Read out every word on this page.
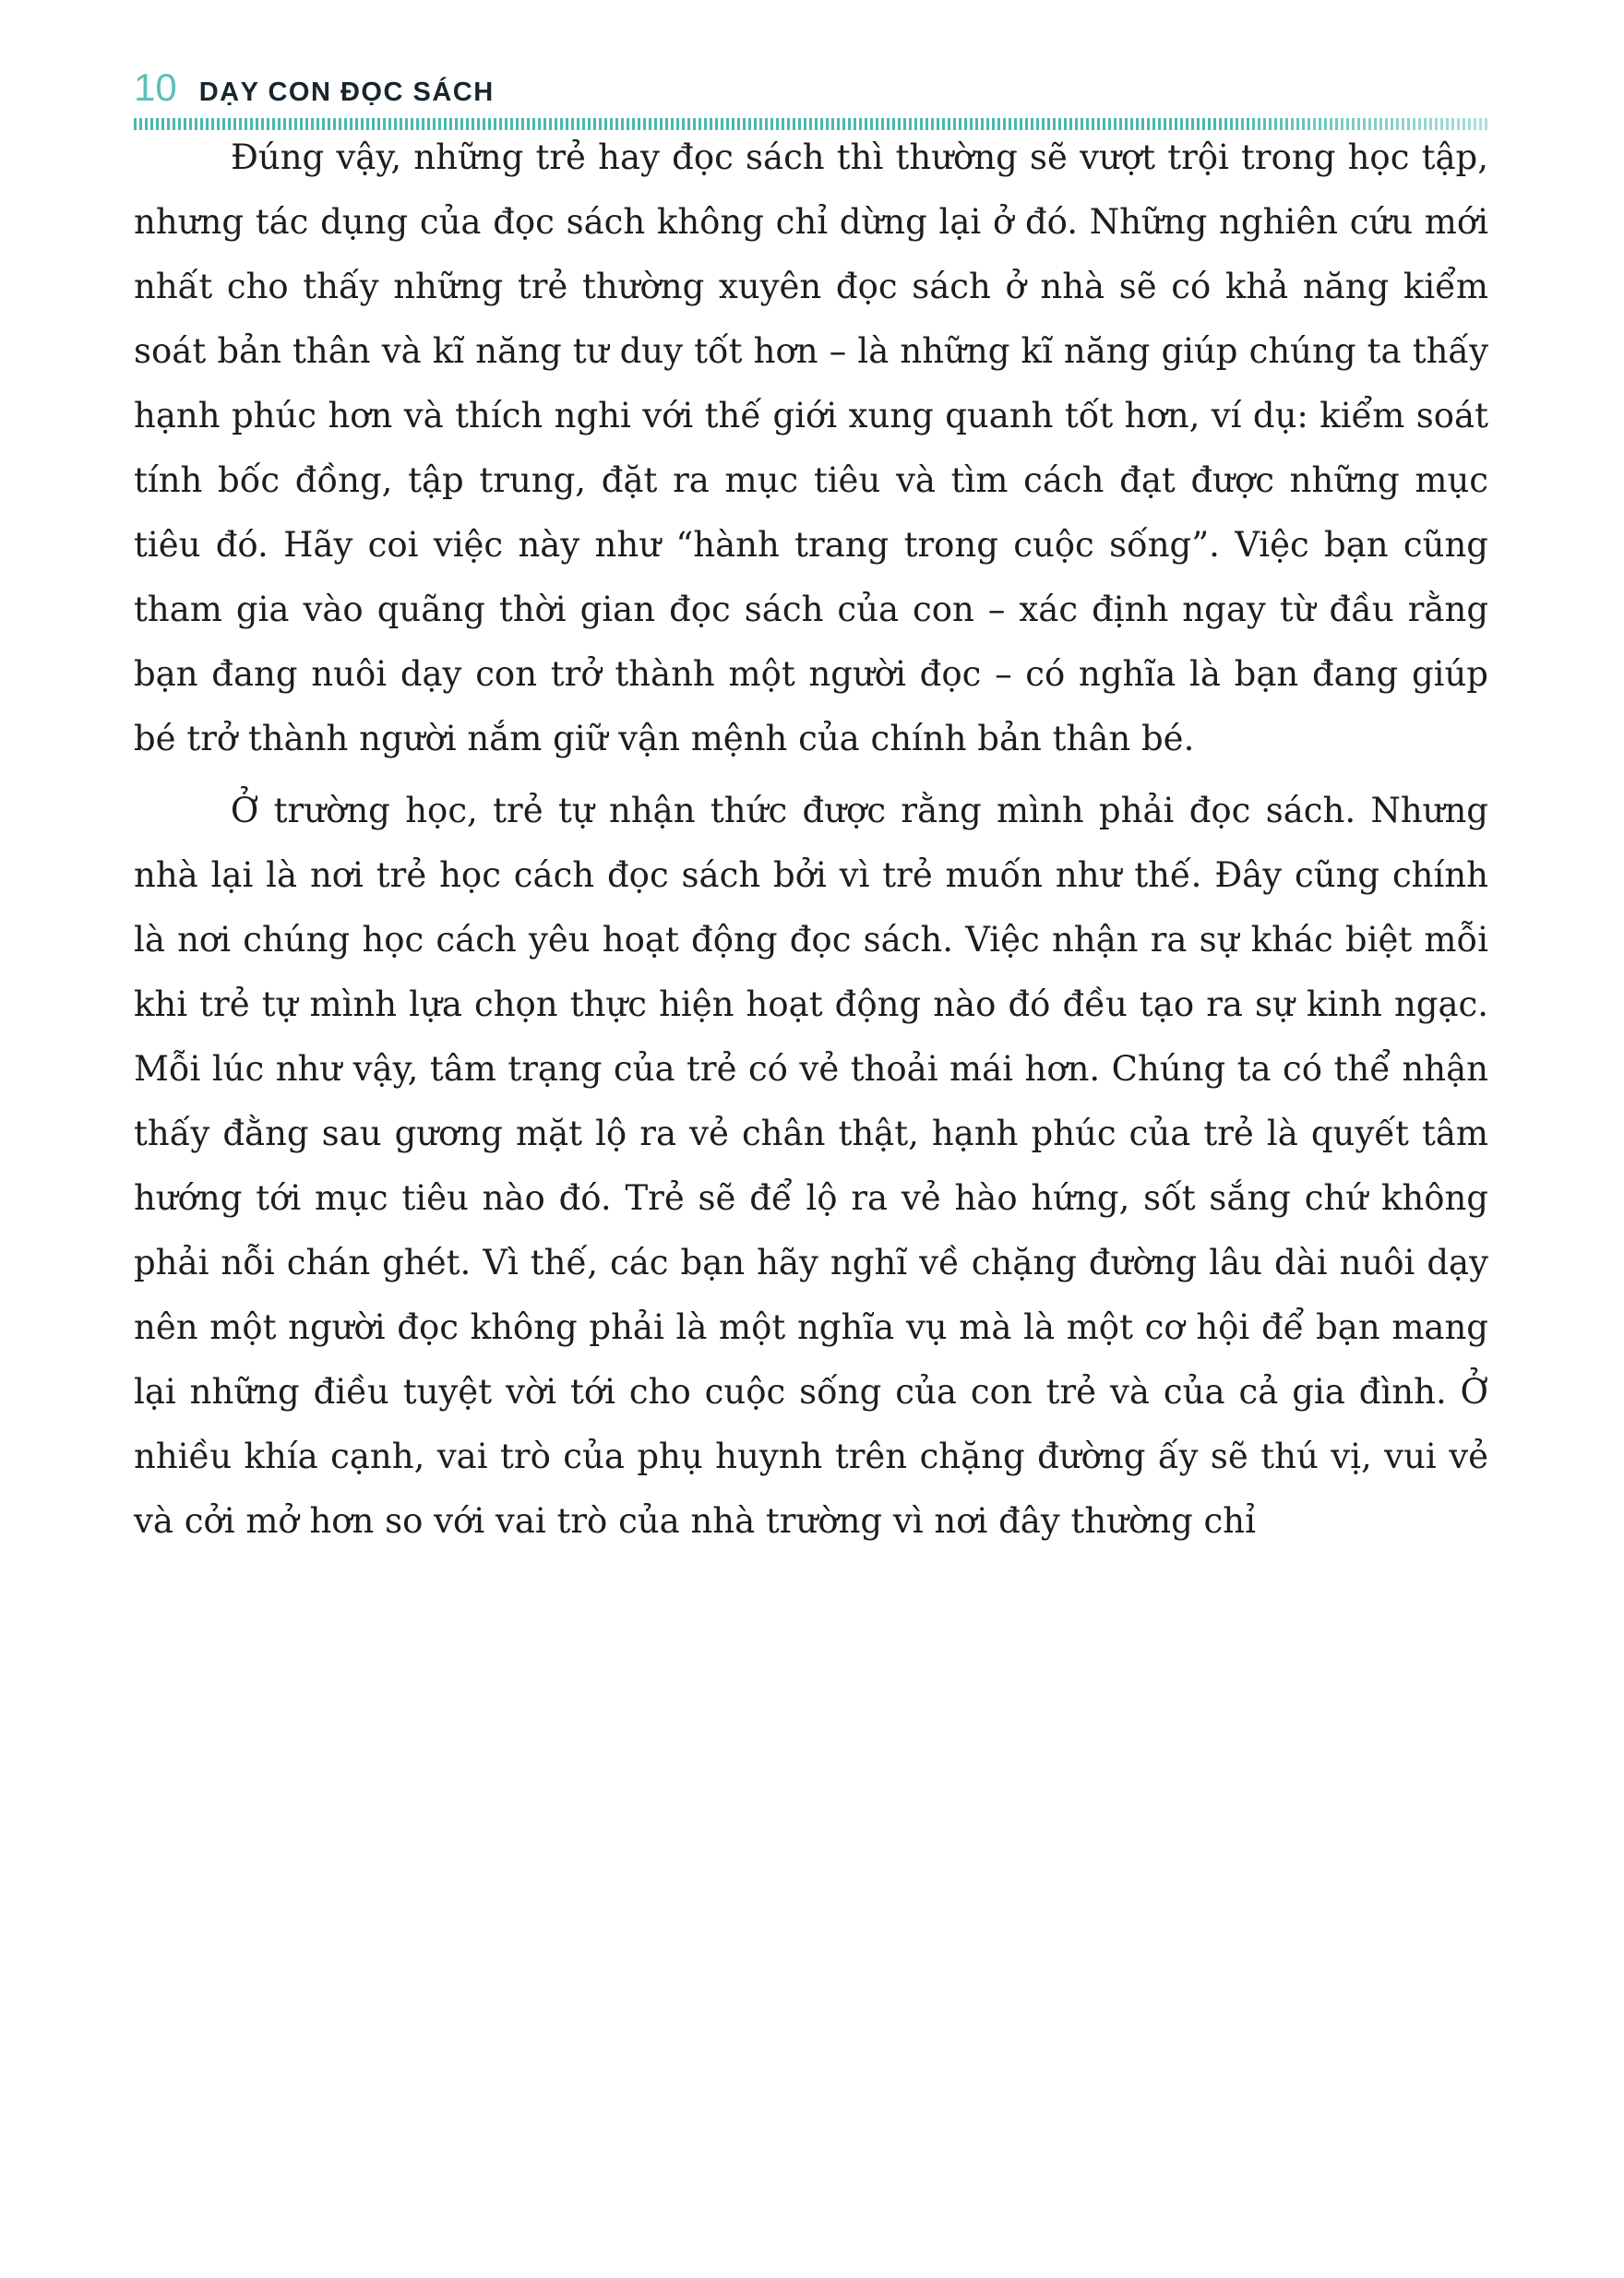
10 DẠY CON ĐỌC SÁCH

Đúng vậy, những trẻ hay đọc sách thì thường sẽ vượt trội trong học tập, nhưng tác dụng của đọc sách không chỉ dừng lại ở đó. Những nghiên cứu mới nhất cho thấy những trẻ thường xuyên đọc sách ở nhà sẽ có khả năng kiểm soát bản thân và kĩ năng tư duy tốt hơn – là những kĩ năng giúp chúng ta thấy hạnh phúc hơn và thích nghi với thế giới xung quanh tốt hơn, ví dụ: kiểm soát tính bốc đồng, tập trung, đặt ra mục tiêu và tìm cách đạt được những mục tiêu đó. Hãy coi việc này như “hành trang trong cuộc sống”. Việc bạn cũng tham gia vào quãng thời gian đọc sách của con – xác định ngay từ đầu rằng bạn đang nuôi dạy con trở thành một người đọc – có nghĩa là bạn đang giúp bé trở thành người nắm giữ vận mệnh của chính bản thân bé.

Ở trường học, trẻ tự nhận thức được rằng mình phải đọc sách. Nhưng nhà lại là nơi trẻ học cách đọc sách bởi vì trẻ muốn như thế. Đây cũng chính là nơi chúng học cách yêu hoạt động đọc sách. Việc nhận ra sự khác biệt mỗi khi trẻ tự mình lựa chọn thực hiện hoạt động nào đó đều tạo ra sự kinh ngạc. Mỗi lúc như vậy, tâm trạng của trẻ có vẻ thoải mái hơn. Chúng ta có thể nhận thấy đằng sau gương mặt lộ ra vẻ chân thật, hạnh phúc của trẻ là quyết tâm hướng tới mục tiêu nào đó. Trẻ sẽ để lộ ra vẻ hào hứng, sốt sắng chứ không phải nỗi chán ghét. Vì thế, các bạn hãy nghĩ về chặng đường lâu dài nuôi dạy nên một người đọc không phải là một nghĩa vụ mà là một cơ hội để bạn mang lại những điều tuyệt vời tới cho cuộc sống của con trẻ và của cả gia đình. Ở nhiều khía cạnh, vai trò của phụ huynh trên chặng đường ấy sẽ thú vị, vui vẻ và cởi mở hơn so với vai trò của nhà trường vì nơi đây thường chỉ
